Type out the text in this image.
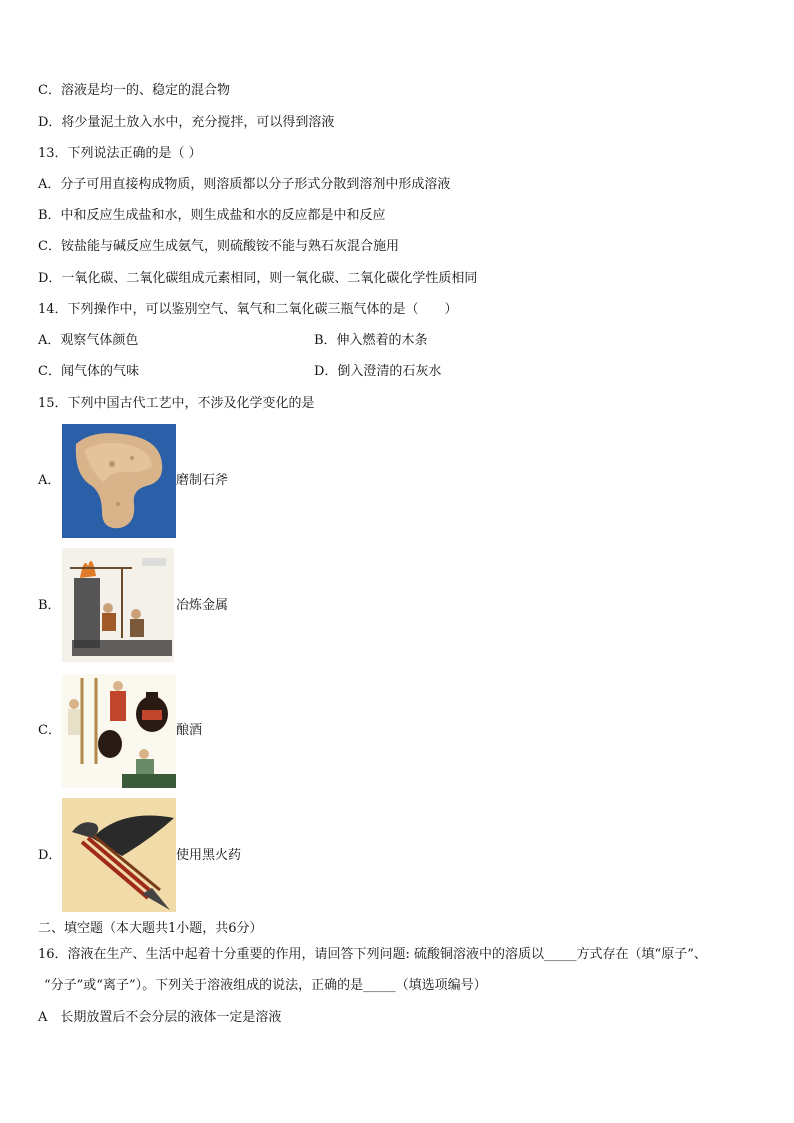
C．溶液是均一的、稳定的混合物
D．将少量泥土放入水中，充分搅拌，可以得到溶液
13．下列说法正确的是（ ）
A．分子可用直接构成物质，则溶质都以分子形式分散到溶剂中形成溶液
B．中和反应生成盐和水，则生成盐和水的反应都是中和反应
C．铵盐能与碱反应生成氨气，则硫酸铵不能与熟石灰混合施用
D．一氧化碳、二氧化碳组成元素相同，则一氧化碳、二氧化碳化学性质相同
14．下列操作中，可以鉴别空气、氧气和二氧化碳三瓶气体的是（　　）
A．观察气体颜色	B．伸入燃着的木条
C．闻气体的气味	D．倒入澄清的石灰水
15．下列中国古代工艺中，不涉及化学变化的是
A．	磨制石斧
B．	冶炼金属
C．	酿酒
D．	使用黑火药
二、填空题（本大题共1小题，共6分）
16．溶液在生产、生活中起着十分重要的作用，请回答下列问题: 硫酸铜溶液中的溶质以_____方式存在（填“原子”、
“分子”或“离子”）。下列关于溶液组成的说法，正确的是_____（填选项编号）
A　长期放置后不会分层的液体一定是溶液
